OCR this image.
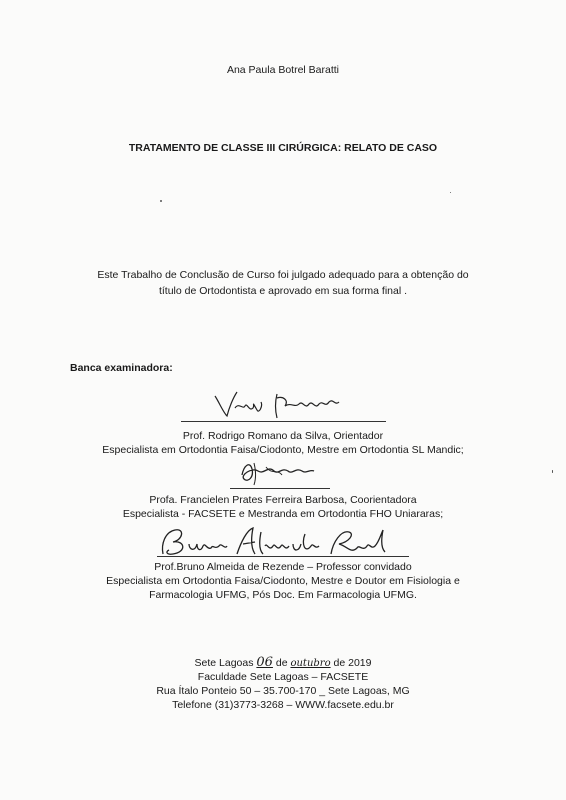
Ana Paula Botrel Baratti
TRATAMENTO DE CLASSE III CIRÚRGICA: RELATO DE CASO
Este Trabalho de Conclusão de Curso foi julgado adequado para a obtenção do
título de Ortodontista e aprovado em sua forma final .
Banca examinadora:
Prof. Rodrigo Romano da Silva, Orientador
Especialista em Ortodontia Faisa/Ciodonto, Mestre em Ortodontia SL Mandic;
Profa. Francielen Prates Ferreira Barbosa, Coorientadora
Especialista - FACSETE e Mestranda em Ortodontia FHO Uniararas;
Prof.Bruno Almeida de Rezende – Professor convidado
Especialista em Ortodontia Faisa/Ciodonto, Mestre e Doutor em Fisiologia e
Farmacologia UFMG, Pós Doc. Em Farmacologia UFMG.
Sete Lagoas 06 de outubro de 2019
Faculdade Sete Lagoas – FACSETE
Rua Ítalo Ponteio 50 – 35.700-170 _ Sete Lagoas, MG
Telefone (31)3773-3268 – WWW.facsete.edu.br
